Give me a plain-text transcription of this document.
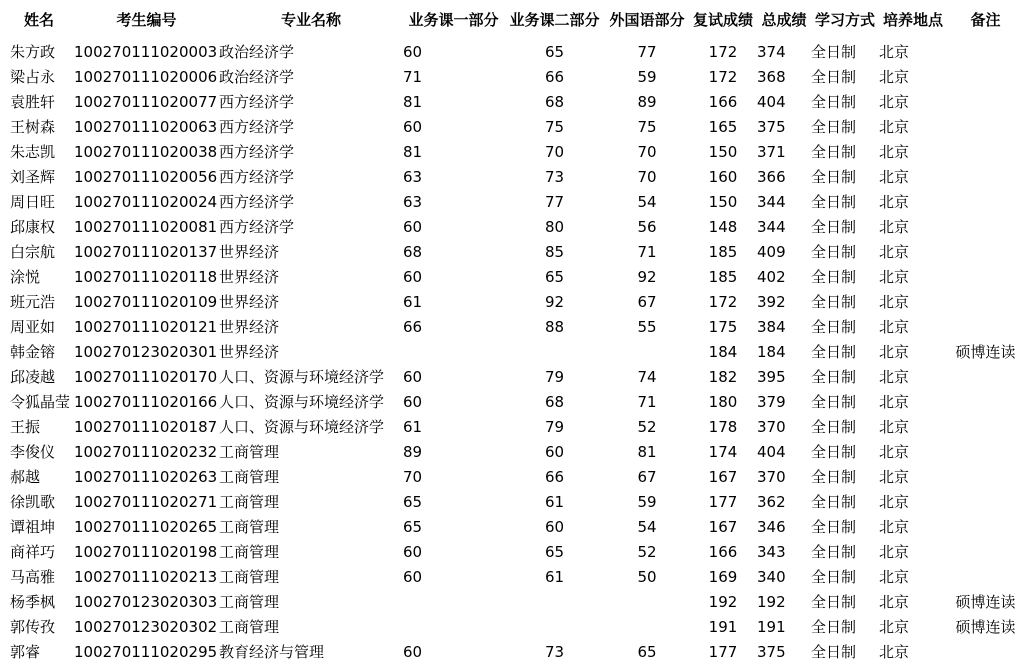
姓名	考生编号	专业名称	业务课一部分	业务课二部分	外国语部分	复试成绩	总成绩	学习方式	培养地点	备注
朱方政	100270111020003	政治经济学	60	65	77	172	374	全日制	北京	
梁占永	100270111020006	政治经济学	71	66	59	172	368	全日制	北京	
袁胜轩	100270111020077	西方经济学	81	68	89	166	404	全日制	北京	
王树森	100270111020063	西方经济学	60	75	75	165	375	全日制	北京	
朱志凯	100270111020038	西方经济学	81	70	70	150	371	全日制	北京	
刘圣辉	100270111020056	西方经济学	63	73	70	160	366	全日制	北京	
周日旺	100270111020024	西方经济学	63	77	54	150	344	全日制	北京	
邱康权	100270111020081	西方经济学	60	80	56	148	344	全日制	北京	
白宗航	100270111020137	世界经济	68	85	71	185	409	全日制	北京	
涂悦	100270111020118	世界经济	60	65	92	185	402	全日制	北京	
班元浩	100270111020109	世界经济	61	92	67	172	392	全日制	北京	
周亚如	100270111020121	世界经济	66	88	55	175	384	全日制	北京	
韩金镕	100270123020301	世界经济				184	184	全日制	北京	硕博连读
邱凌越	100270111020170	人口、资源与环境经济学	60	79	74	182	395	全日制	北京	
令狐晶莹	100270111020166	人口、资源与环境经济学	60	68	71	180	379	全日制	北京	
王振	100270111020187	人口、资源与环境经济学	61	79	52	178	370	全日制	北京	
李俊仪	100270111020232	工商管理	89	60	81	174	404	全日制	北京	
郝越	100270111020263	工商管理	70	66	67	167	370	全日制	北京	
徐凯歌	100270111020271	工商管理	65	61	59	177	362	全日制	北京	
谭祖坤	100270111020265	工商管理	65	60	54	167	346	全日制	北京	
商祥巧	100270111020198	工商管理	60	65	52	166	343	全日制	北京	
马高雅	100270111020213	工商管理	60	61	50	169	340	全日制	北京	
杨季枫	100270123020303	工商管理				192	192	全日制	北京	硕博连读
郭传孜	100270123020302	工商管理				191	191	全日制	北京	硕博连读
郭睿	100270111020295	教育经济与管理	60	73	65	177	375	全日制	北京	
